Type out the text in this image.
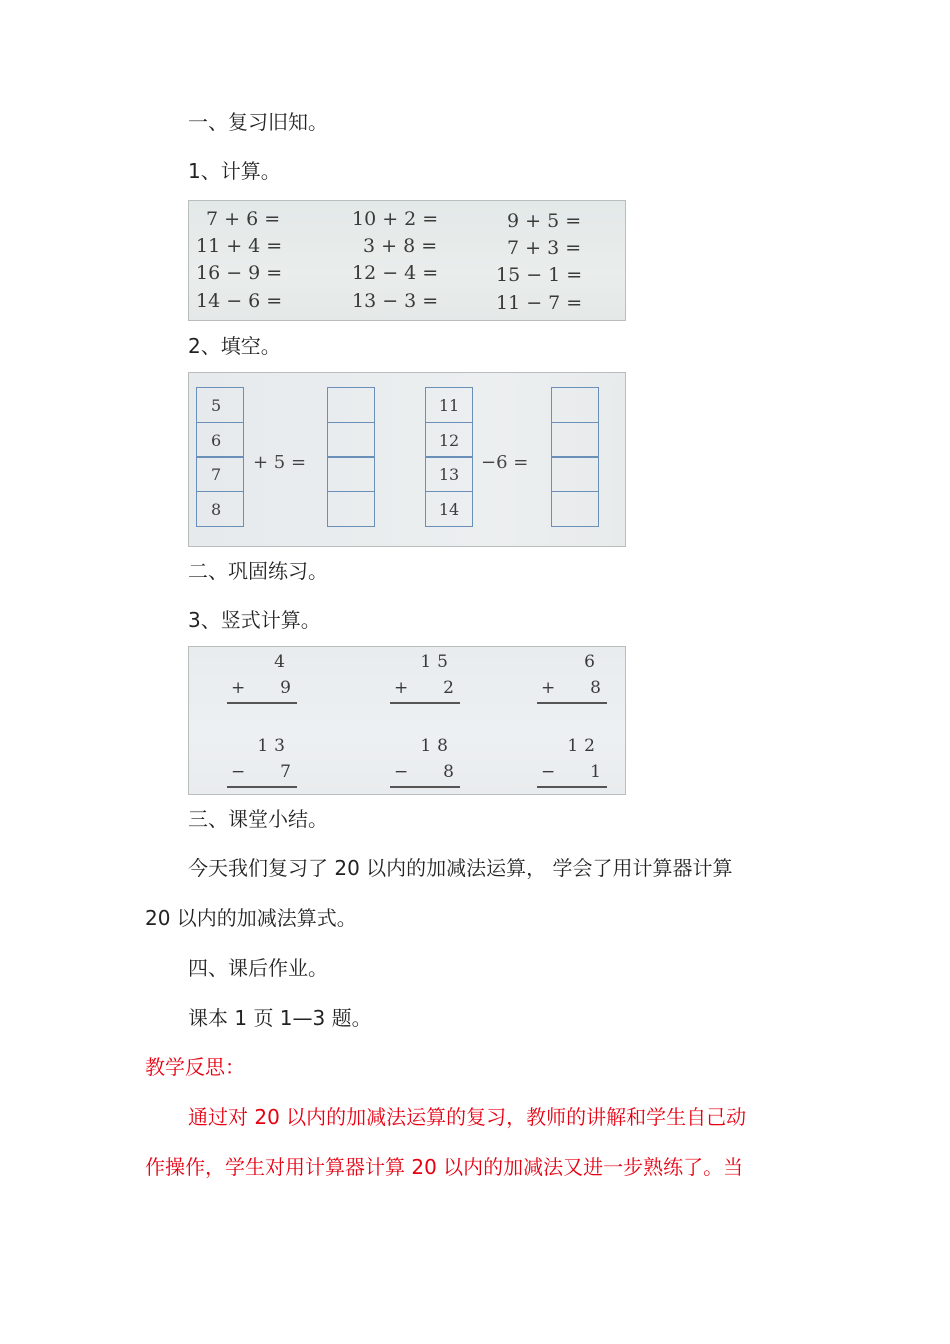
一、复习旧知。
1、计算。
7 + 6 =
11 + 4 =
16 − 9 =
14 − 6 =
10 + 2 =
3 + 8 =
12 − 4 =
13 − 3 =
9 + 5 =
7 + 3 =
15 − 1 =
11 − 7 =
2、填空。
5
6
7
8
+ 5 =
11
12
13
14
−6 =
二、巩固练习。
3、竖式计算。
4
+ 9
15
+ 2
6
+ 8
13
− 7
18
− 8
12
− 1
三、课堂小结。
今天我们复习了 20 以内的加减法运算， 学会了用计算器计算
20 以内的加减法算式。
四、课后作业。
课本 1 页 1—3 题。
教学反思：
通过对 20 以内的加减法运算的复习，教师的讲解和学生自己动
作操作，学生对用计算器计算 20 以内的加减法又进一步熟练了。当
